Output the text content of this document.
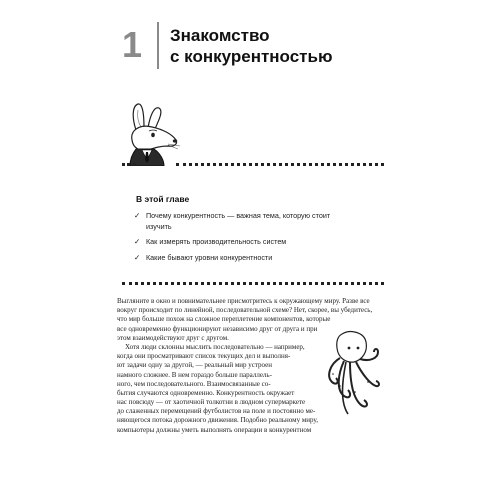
1 Знакомство
с конкурентностью
В этой главе
✓ Почему конкурентность — важная тема, которую стоит
изучить
✓ Как измерять производительность систем
✓ Какие бывают уровни конкурентности
Выгляните в окно и повнимательнее присмотритесь к окружающему миру. Разве все
вокруг происходит по линейной, последовательной схеме? Нет, скорее, вы убедитесь,
что мир больше похож на сложное переплетение компонентов, которые
все одновременно функционируют независимо друг от друга и при
этом взаимодействуют друг с другом.
Хотя люди склонны мыслить последовательно — например,
когда они просматривают список текущих дел и выполня-
ют задачи одну за другой, — реальный мир устроен
намного сложнее. В нем гораздо больше параллель-
ного, чем последовательного. Взаимосвязанные со-
бытия случаются одновременно. Конкурентность окружает
нас повсюду — от хаотичной толкотни в людном супермаркете
до слаженных перемещений футболистов на поле и постоянно ме-
няющегося потока дорожного движения. Подобно реальному миру,
компьютеры должны уметь выполнять операции в конкурентном
